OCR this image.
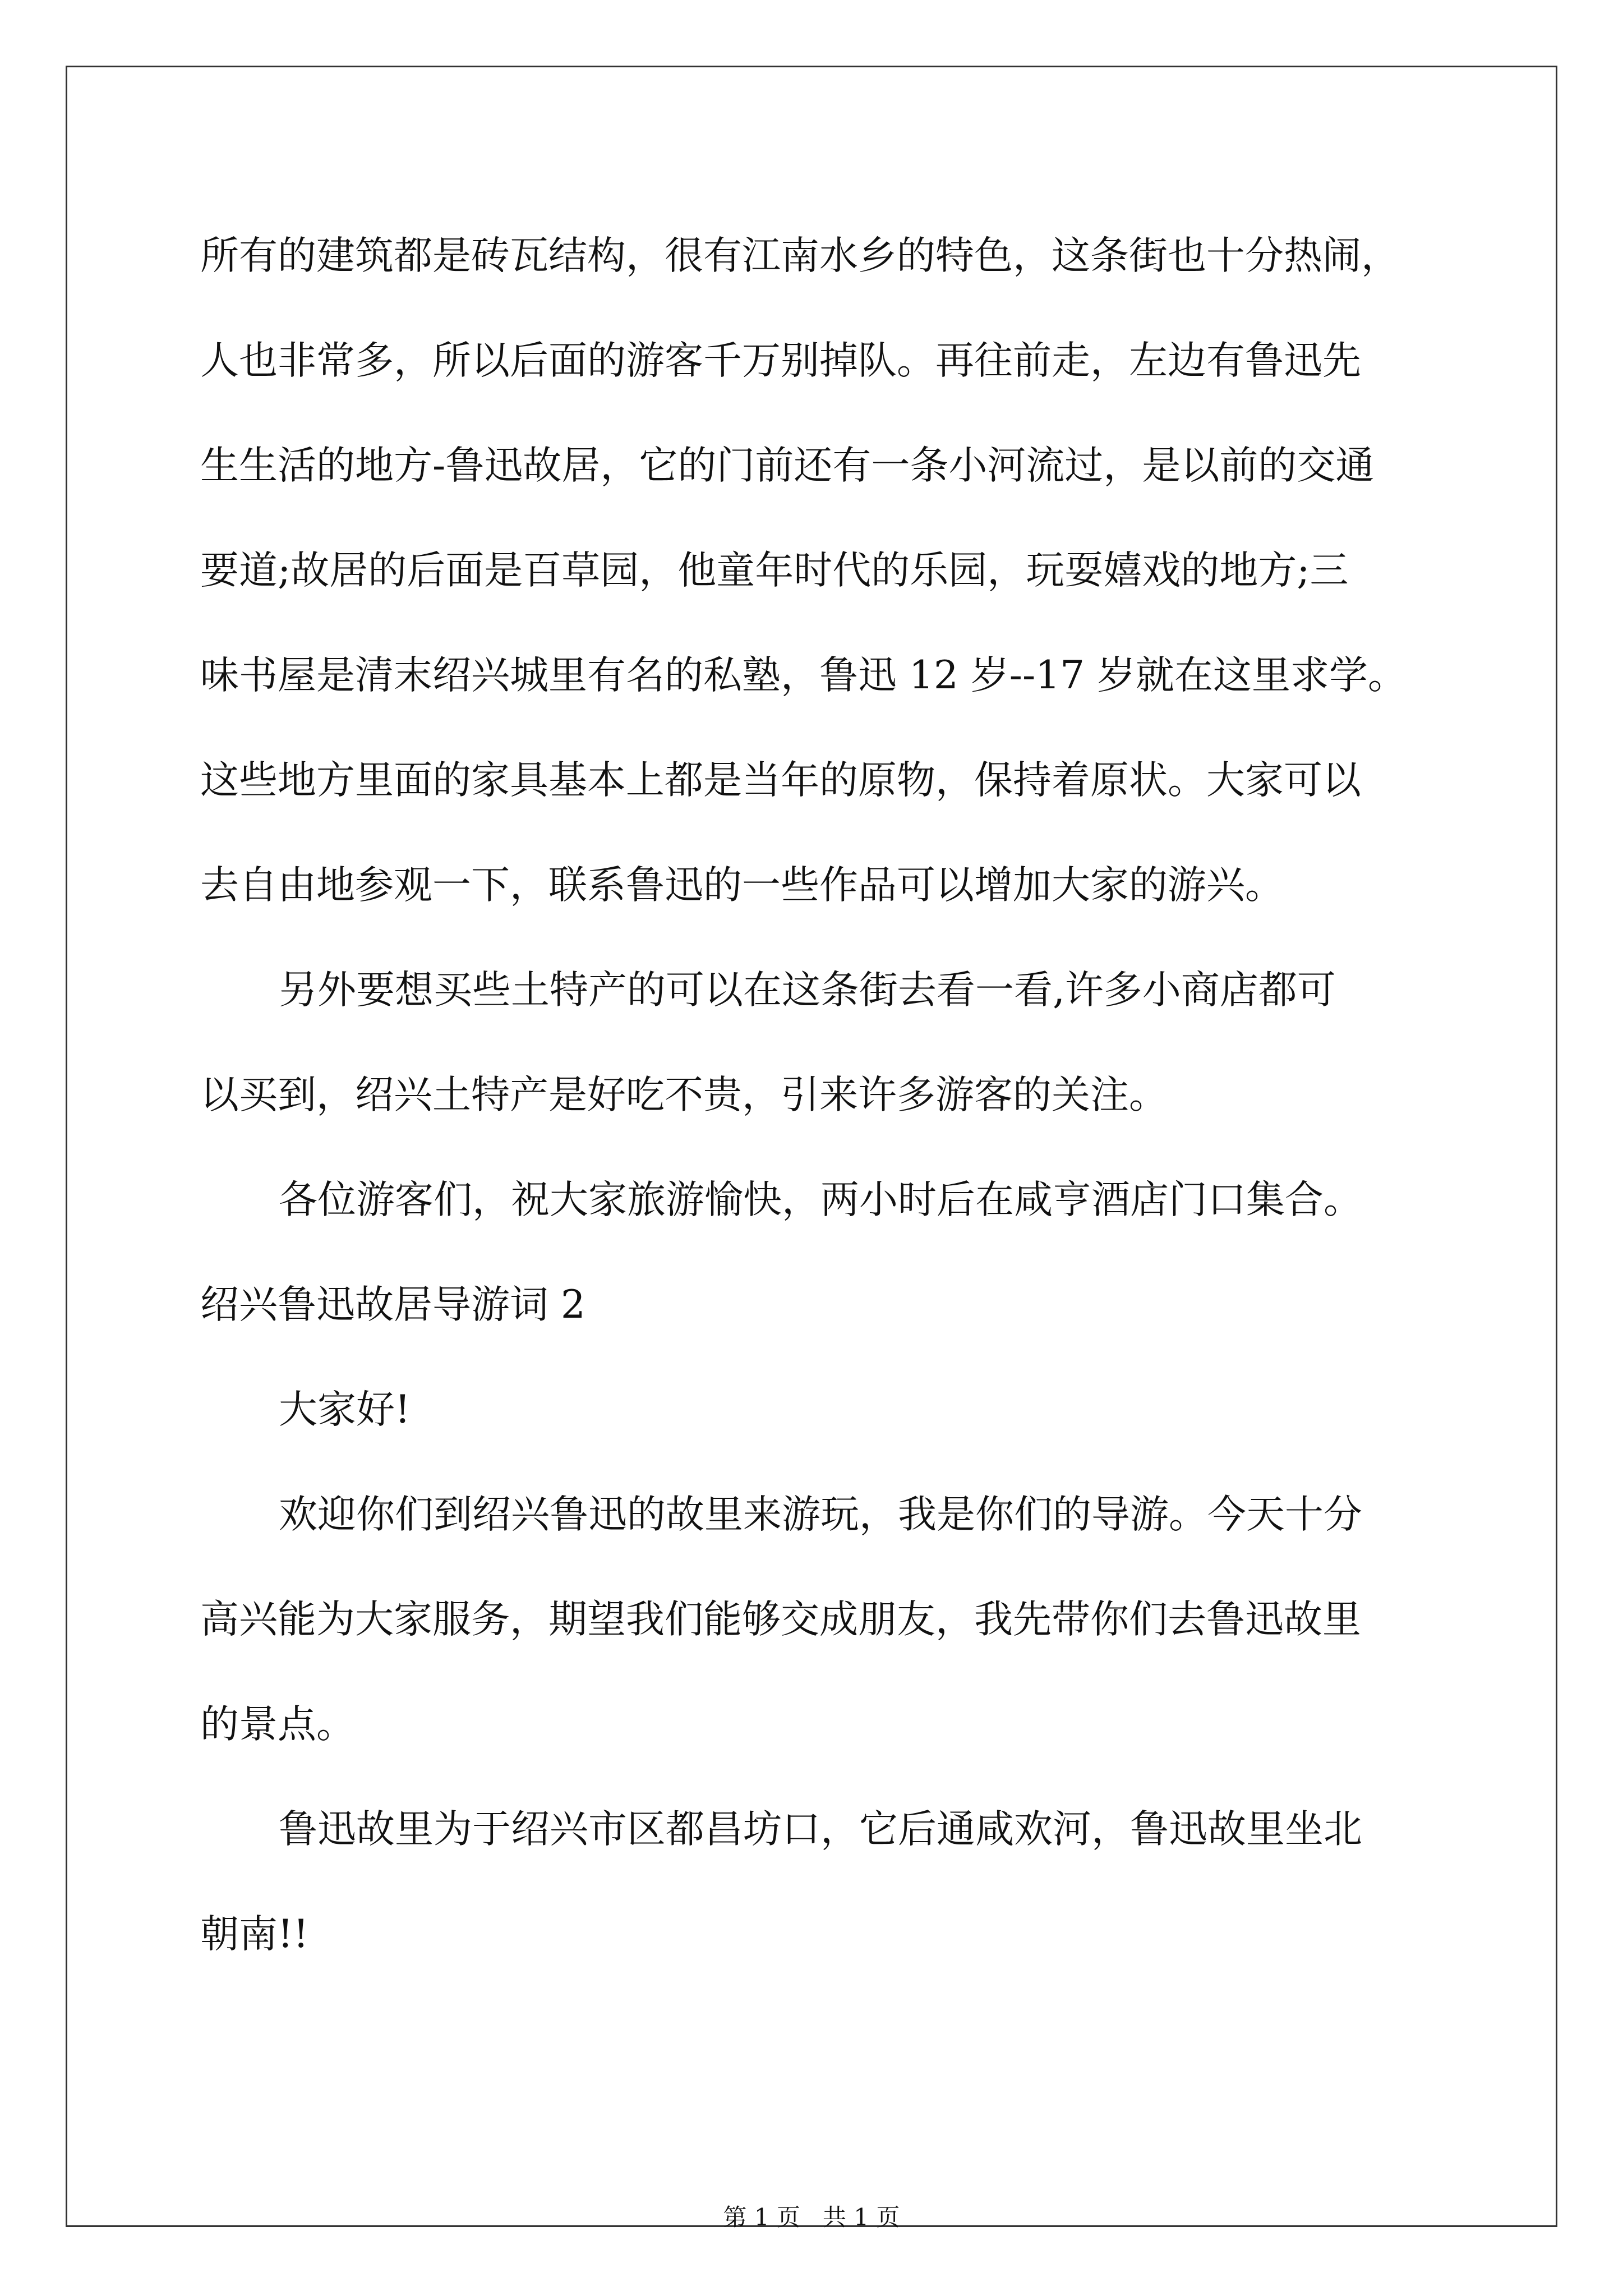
所有的建筑都是砖瓦结构，很有江南水乡的特色，这条街也十分热闹，
人也非常多，所以后面的游客千万别掉队。再往前走，左边有鲁迅先
生生活的地方-鲁迅故居，它的门前还有一条小河流过，是以前的交通
要道;故居的后面是百草园，他童年时代的乐园，玩耍嬉戏的地方;三
味书屋是清末绍兴城里有名的私塾，鲁迅 12 岁--17 岁就在这里求学。
这些地方里面的家具基本上都是当年的原物，保持着原状。大家可以
去自由地参观一下，联系鲁迅的一些作品可以增加大家的游兴。
另外要想买些土特产的可以在这条街去看一看,许多小商店都可
以买到，绍兴土特产是好吃不贵，引来许多游客的关注。
各位游客们，祝大家旅游愉快，两小时后在咸亨酒店门口集合。
绍兴鲁迅故居导游词 2
大家好!
欢迎你们到绍兴鲁迅的故里来游玩，我是你们的导游。今天十分
高兴能为大家服务，期望我们能够交成朋友，我先带你们去鲁迅故里
的景点。
鲁迅故里为于绍兴市区都昌坊口，它后通咸欢河，鲁迅故里坐北
朝南!!
第 1 页   共 1 页
